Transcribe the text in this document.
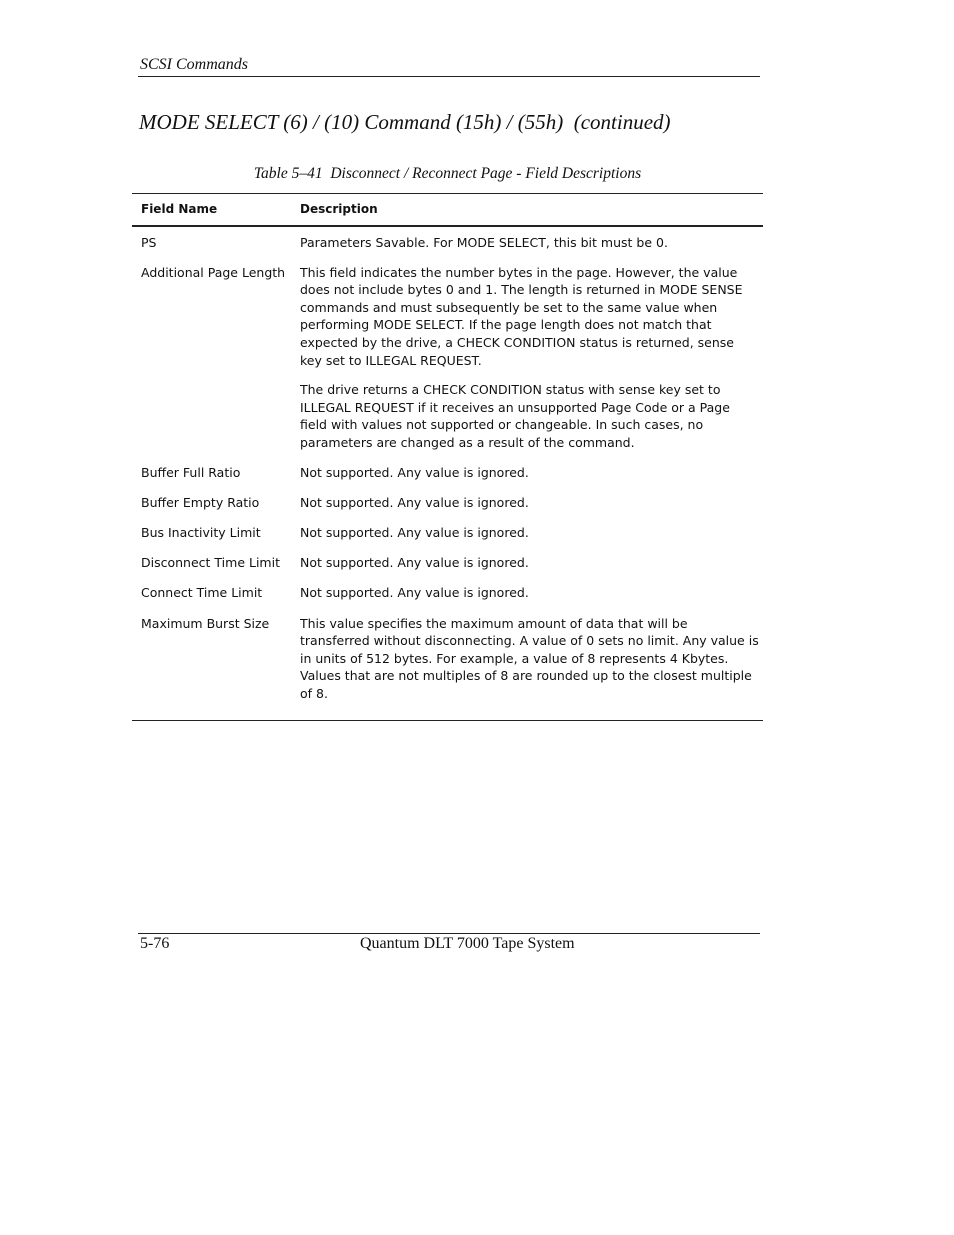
SCSI Commands
MODE SELECT (6) / (10) Command (15h) / (55h)  (continued)
Table 5–41  Disconnect / Reconnect Page - Field Descriptions
Field Name	Description
PS	Parameters Savable. For MODE SELECT, this bit must be 0.

Additional Page Length	This field indicates the number bytes in the page. However, the value does not include bytes 0 and 1. The length is returned in MODE SENSE commands and must subsequently be set to the same value when performing MODE SELECT. If the page length does not match that expected by the drive, a CHECK CONDITION status is returned, sense key set to ILLEGAL REQUEST.

The drive returns a CHECK CONDITION status with sense key set to ILLEGAL REQUEST if it receives an unsupported Page Code or a Page field with values not supported or changeable. In such cases, no parameters are changed as a result of the command.

Buffer Full Ratio	Not supported. Any value is ignored.

Buffer Empty Ratio	Not supported. Any value is ignored.

Bus Inactivity Limit	Not supported. Any value is ignored.

Disconnect Time Limit	Not supported. Any value is ignored.

Connect Time Limit	Not supported. Any value is ignored.

Maximum Burst Size	This value specifies the maximum amount of data that will be transferred without disconnecting. A value of 0 sets no limit. Any value is in units of 512 bytes. For example, a value of 8 represents 4 Kbytes. Values that are not multiples of 8 are rounded up to the closest multiple of 8.

5-76	Quantum DLT 7000 Tape System
